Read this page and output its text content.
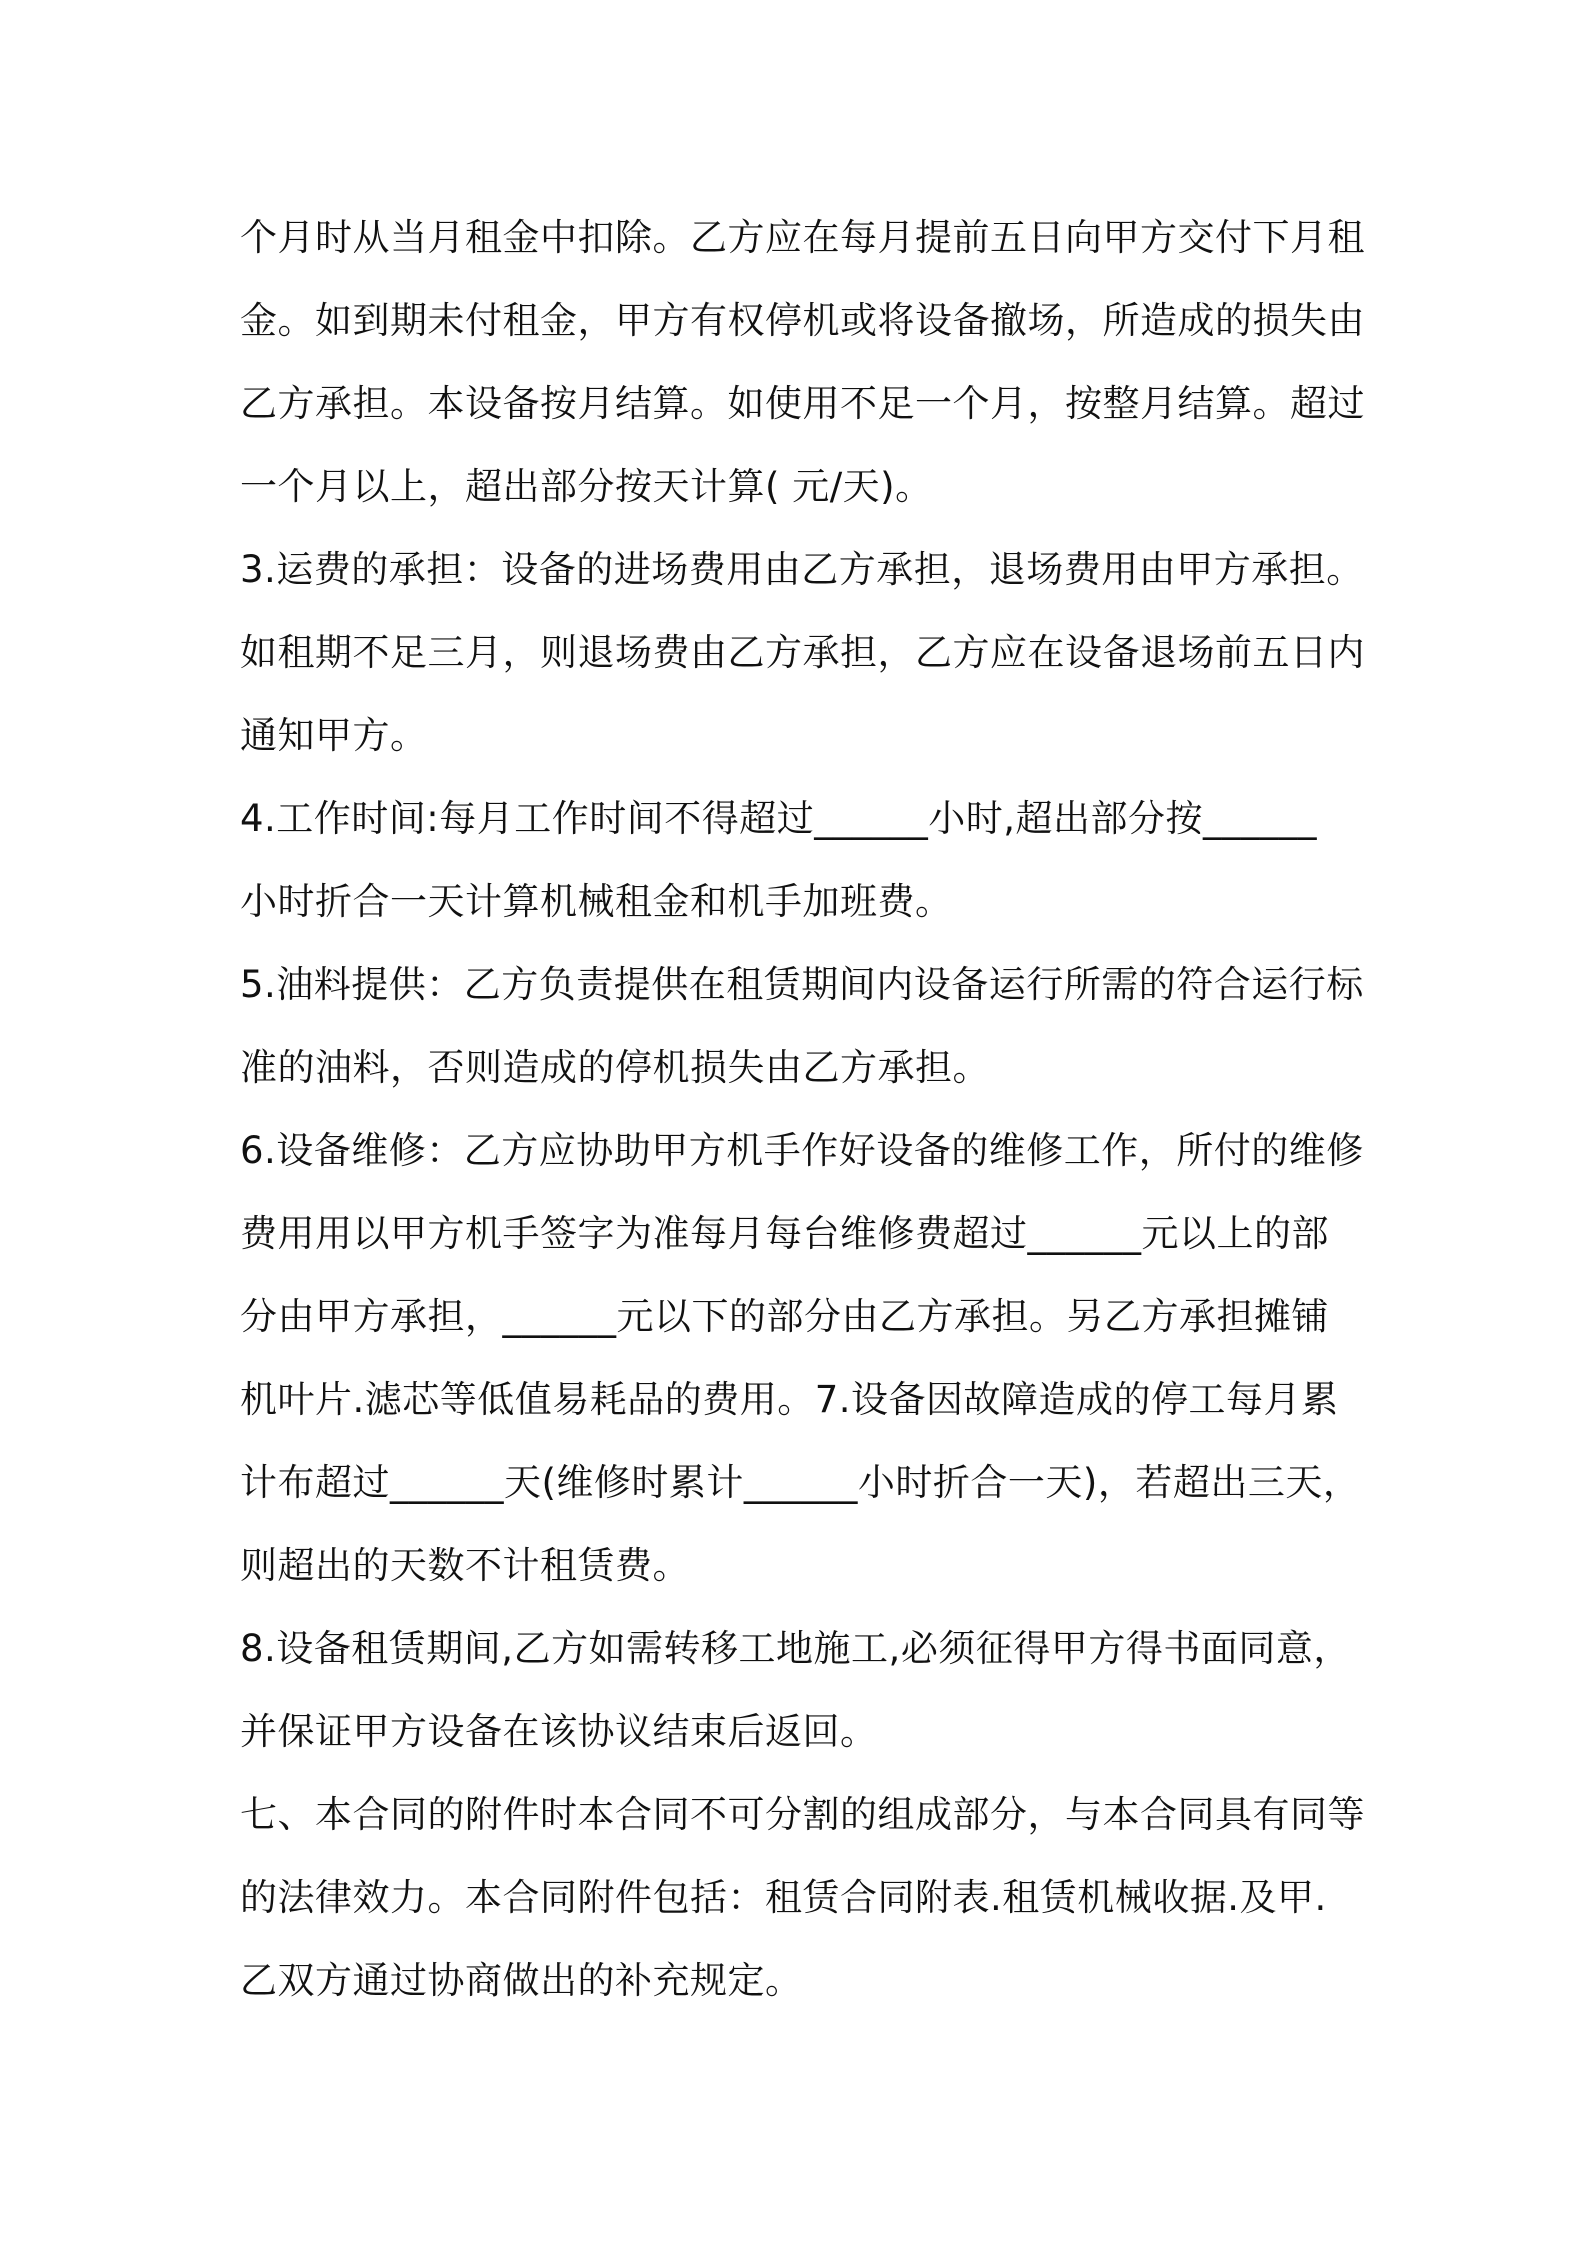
个月时从当月租金中扣除。乙方应在每月提前五日向甲方交付下月租
金。如到期未付租金，甲方有权停机或将设备撤场，所造成的损失由
乙方承担。本设备按月结算。如使用不足一个月，按整月结算。超过
一个月以上，超出部分按天计算( 元/天)。
3.运费的承担：设备的进场费用由乙方承担，退场费用由甲方承担。
如租期不足三月，则退场费由乙方承担，乙方应在设备退场前五日内
通知甲方。
4.工作时间:每月工作时间不得超过______小时,超出部分按______
小时折合一天计算机械租金和机手加班费。
5.油料提供：乙方负责提供在租赁期间内设备运行所需的符合运行标
准的油料，否则造成的停机损失由乙方承担。
6.设备维修：乙方应协助甲方机手作好设备的维修工作，所付的维修
费用用以甲方机手签字为准每月每台维修费超过______元以上的部
分由甲方承担，______元以下的部分由乙方承担。另乙方承担摊铺
机叶片.滤芯等低值易耗品的费用。7.设备因故障造成的停工每月累
计布超过______天(维修时累计______小时折合一天)，若超出三天，
则超出的天数不计租赁费。
8.设备租赁期间,乙方如需转移工地施工,必须征得甲方得书面同意，
并保证甲方设备在该协议结束后返回。
七、本合同的附件时本合同不可分割的组成部分，与本合同具有同等
的法律效力。本合同附件包括：租赁合同附表.租赁机械收据.及甲.
乙双方通过协商做出的补充规定。
